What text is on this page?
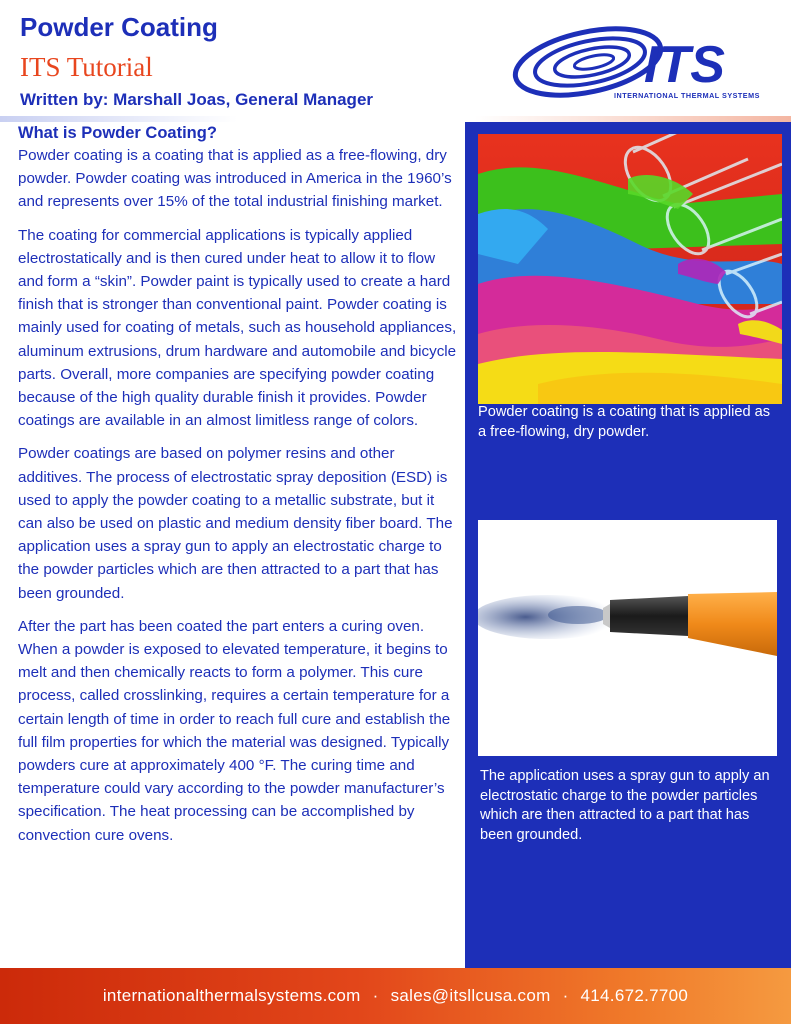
Powder Coating
ITS Tutorial
Written by: Marshall Joas, General Manager
ITS
INTERNATIONAL THERMAL SYSTEMS
What is Powder Coating?

Powder coating is a coating that is applied as a free-flowing, dry powder. Powder coating was introduced in America in the 1960’s and represents over 15% of the total industrial finishing market.

The coating for commercial applications is typically applied electrostatically and is then cured under heat to allow it to flow and form a “skin”. Powder paint is typically used to create a hard finish that is stronger than conventional paint. Powder coating is mainly used for coating of metals, such as household appliances, aluminum extrusions, drum hardware and automobile and bicycle parts. Overall, more companies are specifying powder coating because of the high quality durable finish it provides. Powder coatings are available in an almost limitless range of colors.

Powder coatings are based on polymer resins and other additives. The process of electrostatic spray deposition (ESD) is used to apply the powder coating to a metallic substrate, but it can also be used on plastic and medium density fiber board. The application uses a spray gun to apply an electrostatic charge to the powder particles which are then attracted to a part that has been grounded.

After the part has been coated the part enters a curing oven. When a powder is exposed to elevated temperature, it begins to melt and then chemically reacts to form a polymer. This cure process, called crosslinking, requires a certain temperature for a certain length of time in order to reach full cure and establish the full film properties for which the material was designed. Typically powders cure at approximately 400 °F. The curing time and temperature could vary according to the powder manufacturer’s specification. The heat processing can be accomplished by convection cure ovens.

Powder coating is a coating that is applied as a free-flowing, dry powder.
The application uses a spray gun to apply an electrostatic charge to the powder particles which are then attracted to a part that has been grounded.
internationalthermalsystems.com · sales@itsllcusa.com · 414.672.7700
